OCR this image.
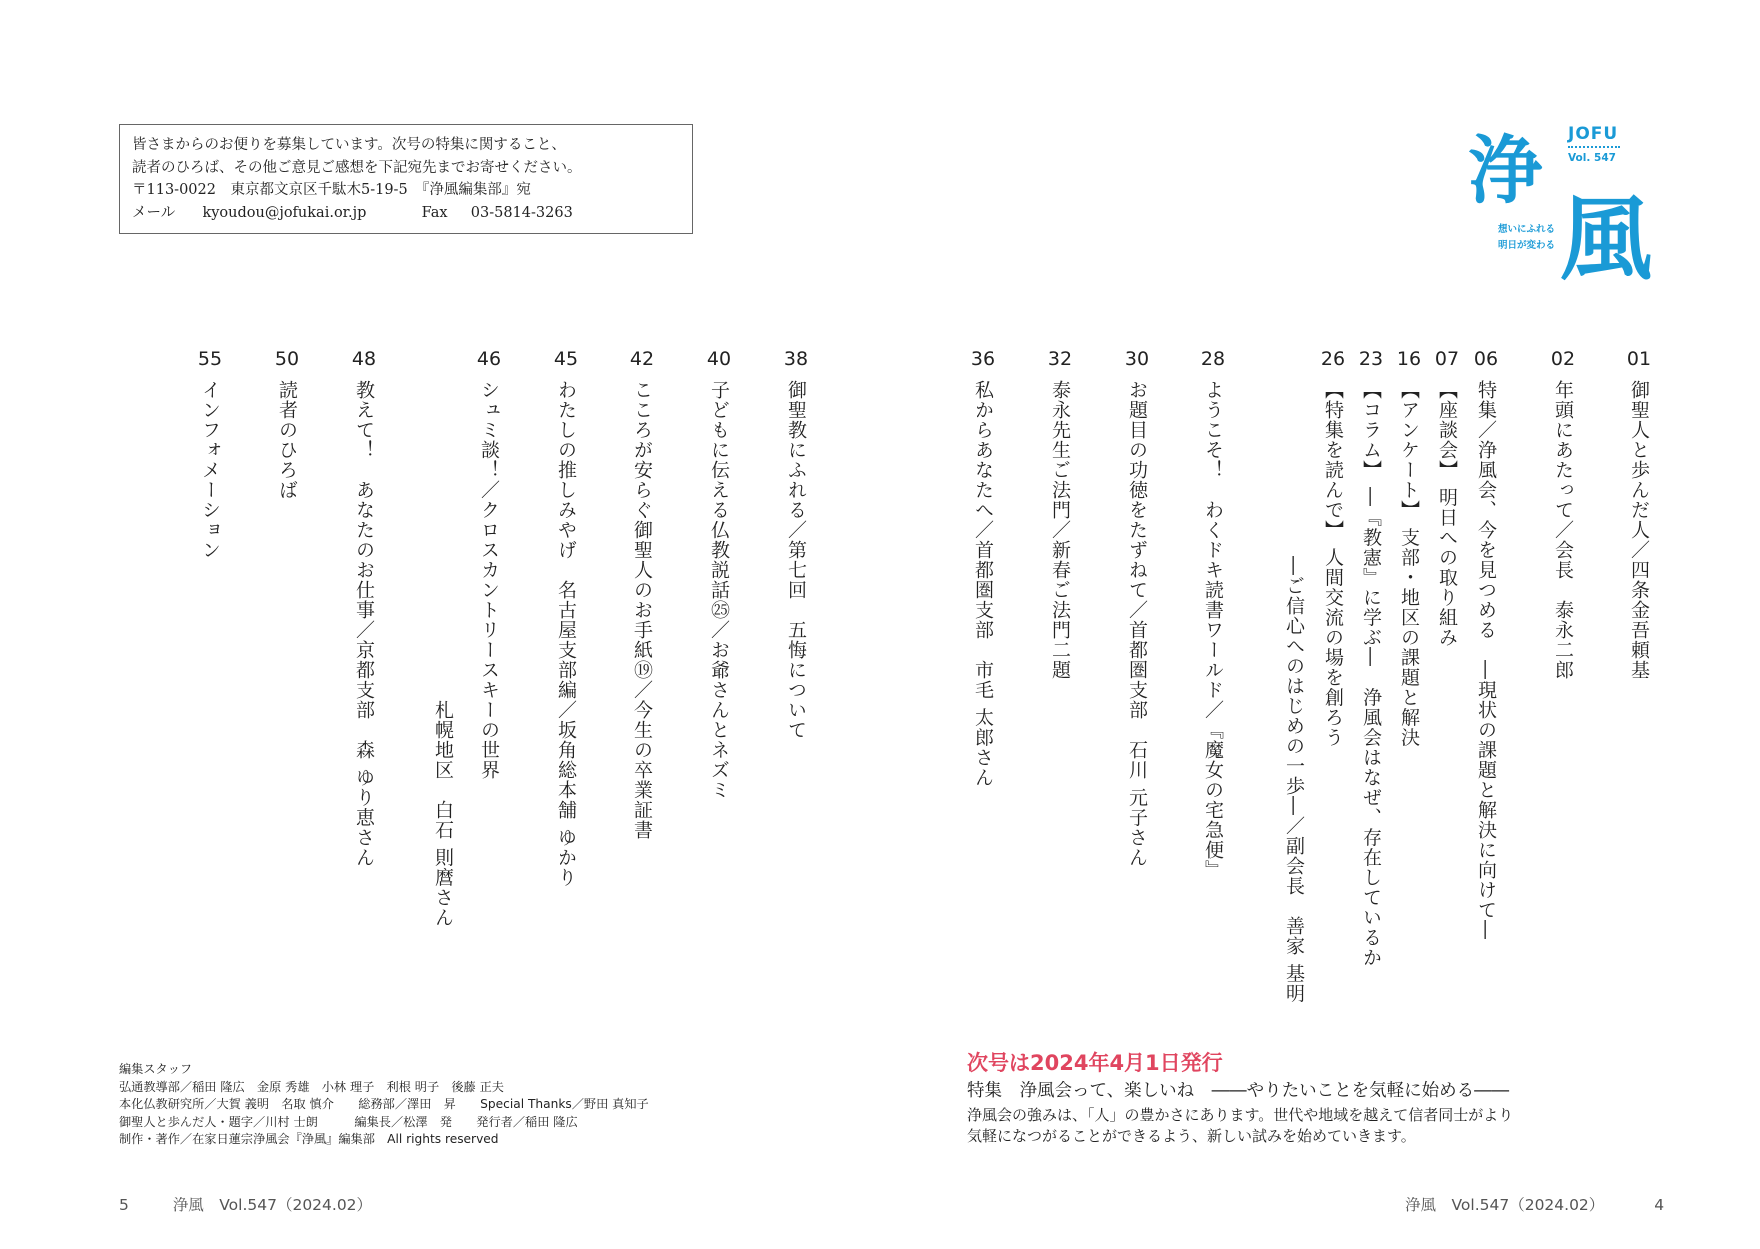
皆さまからのお便りを募集しています。次号の特集に関すること、
読者のひろば、その他ご意見ご感想を下記宛先までお寄せください。
〒113-0022　東京都文京区千駄木5-19-5　『浄風編集部』宛
メール kyoudou@jofukai.or.jp	Fax 03-5814-3263	浄 JOFU
Vol. 547
想いにふれる
明日が変わる 風
01
御聖人と歩んだ人／四条金吾頼基
02
年頭にあたって／会長　泰永二郎
06
特集／浄風会、今を見つめる　―現状の課題と解決に向けて―
07
【座談会】 明日への取り組み
16
【アンケート】 支部・地区の課題と解決
23
【コラム】 ―『教憲』に学ぶ―　浄風会はなぜ、存在しているか
26
【特集を読んで】 人間交流の場を創ろう
―ご信心へのはじめの一歩―／副会長　善家 基明
28
ようこそ！　わくドキ読書ワールド／『魔女の宅急便』
30
お題目の功徳をたずねて／首都圏支部　石川 元子さん
32
泰永先生ご法門／新春ご法門二題
36
私からあなたへ／首都圏支部　市毛 太郎さん
38
御聖教にふれる／第七回　五悔について
40
子どもに伝える仏教説話㉕／お爺さんとネズミ
42
こころが安らぐ御聖人のお手紙⑲／今生の卒業証書
45
わたしの推しみやげ　名古屋支部編／坂角総本舗 ゆかり
46
シュミ談！／クロスカントリースキーの世界
札幌地区　白石 則麿さん
48
教えて！　あなたのお仕事／京都支部　森 ゆり恵さん
50
読者のひろば
55
インフォメーション
編集スタッフ
弘通教導部／稲田 隆広　金原 秀雄　小林 理子　利根 明子　後藤 正夫
本化仏教研究所／大賀 義明　名取 慎介　　総務部／澤田　昇　　Special Thanks／野田 真知子
御聖人と歩んだ人・題字／川村 士朗　　　編集長／松澤　発　　発行者／稲田 隆広
制作・著作／在家日蓮宗浄風会『浄風』編集部　All rights reserved
次号は2024年4月1日発行
特集　浄風会って、楽しいね　――やりたいことを気軽に始める――
浄風会の強みは、「人」の豊かさにあります。世代や地域を越えて信者同士がより
気軽になつがることができるよう、新しい試みを始めていきます。
5	浄風　Vol.547（2024.02）	浄風　Vol.547（2024.02）	4
